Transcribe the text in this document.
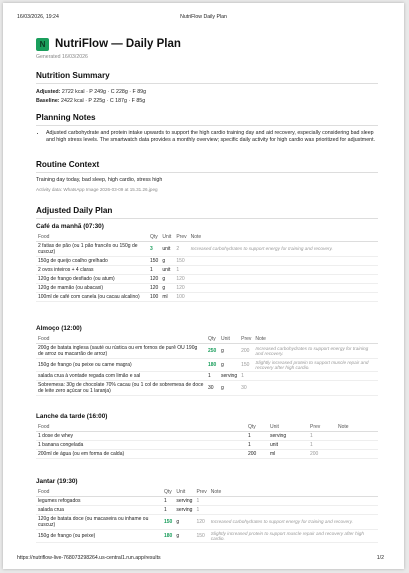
16/03/2026, 19:24	NutriFlow Daily Plan
N NutriFlow — Daily Plan
Generated 16/03/2026
Nutrition Summary
Adjusted: 2722 kcal · P 249g · C 228g · F 89g
Baseline: 2422 kcal · P 225g · C 187g · F 85g
Planning Notes
• Adjusted carbohydrate and protein intake upwards to support the high cardio training day and aid recovery, especially considering bad sleep and high stress levels. The smartwatch data provides a monthly overview; specific daily activity for high cardio was prioritized for adjustment.
Routine Context
Training day today, bad sleep, high cardio, stress high
Activity data: WhatsApp Image 2026-03-09 at 15.31.26.jpeg
Adjusted Daily Plan
Café da manhã (07:30)
Food	Qty	Unit	Prev	Note
2 fatias de pão (ou 1 pão francês ou 150g de cuscuz)	3	unit	2	Increased carbohydrates to support energy for training and recovery.
150g de queijo coalho grelhado	150	g	150	
2 ovos inteiros + 4 claras	1	unit	1	
120g de frango desfiado (ou atum)	120	g	120	
120g de mamão (ou abacaxi)	120	g	120	
100ml de café com canela (ou cacau alcalino)	100	ml	100	
Almoço (12:00)
Food	Qty	Unit	Prev	Note
200g de batata inglesa (sauté ou rústica ou em fornos de purê OU 190g de arroz ou macarrão de arroz)	250	g	200	Increased carbohydrates to support energy for training and recovery.
150g de frango (ou peixe ou carne magra)	180	g	150	Slightly increased protein to support muscle repair and recovery after high cardio.
salada crua à vontade regada com limão e sal	1	serving	1	
Sobremesa: 30g de chocolate 70% cacau (ou 1 col de sobremesa de doce de leite zero açúcar ou 1 laranja)	30	g	30	
Lanche da tarde (16:00)
Food	Qty	Unit	Prev	Note
1 dose de whey	1	serving	1	
1 banana congelada	1	unit	1	
200ml de água (ou em forma de calda)	200	ml	200	
Jantar (19:30)
Food	Qty	Unit	Prev	Note
legumes refogados	1	serving	1	
salada crua	1	serving	1	
120g de batata doce (ou macaxeira ou inhame ou cuscuz)	150	g	120	Increased carbohydrates to support energy for training and recovery.
150g de frango (ou peixe)	180	g	150	Slightly increased protein to support muscle repair and recovery after high cardio.
https://nutriflow-live-768073298264.us-central1.run.app/results	1/2
